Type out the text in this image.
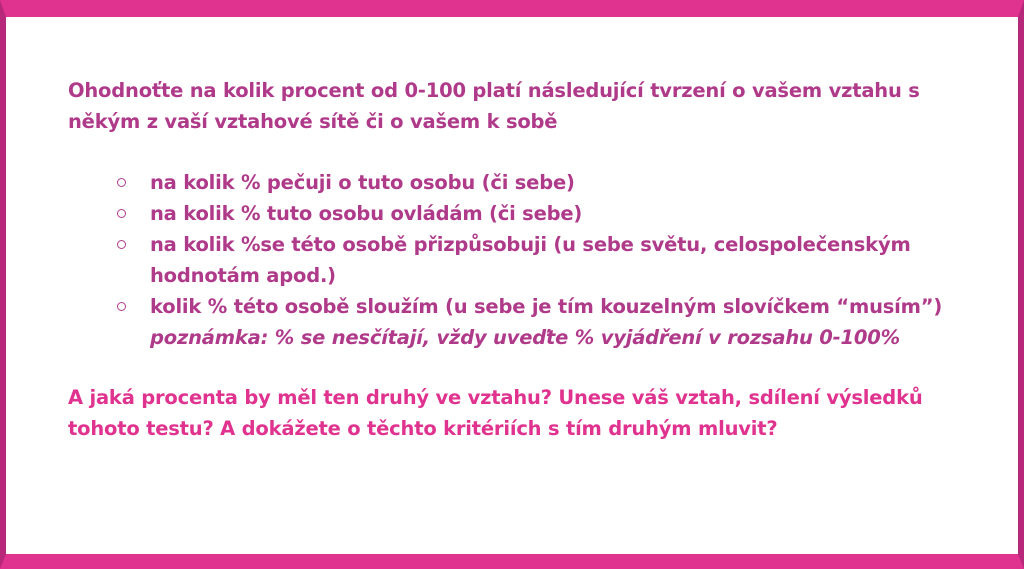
Ohodnoťte na kolik procent od 0-100 platí následující tvrzení o vašem vztahu s někým z vaší vztahové sítě či o vašem k sobě

na kolik % pečuji o tuto osobu (či sebe)
na kolik % tuto osobu ovládám (či sebe)
na kolik %se této osobě přizpůsobuji (u sebe světu, celospolečenským hodnotám apod.)
kolik % této osobě sloužím (u sebe je tím kouzelným slovíčkem “musím”)
poznámka: % se nesčítají, vždy uveďte % vyjádření v rozsahu 0-100%

A jaká procenta by měl ten druhý ve vztahu? Unese váš vztah, sdílení výsledků tohoto testu? A dokážete o těchto kritériích s tím druhým mluvit?
